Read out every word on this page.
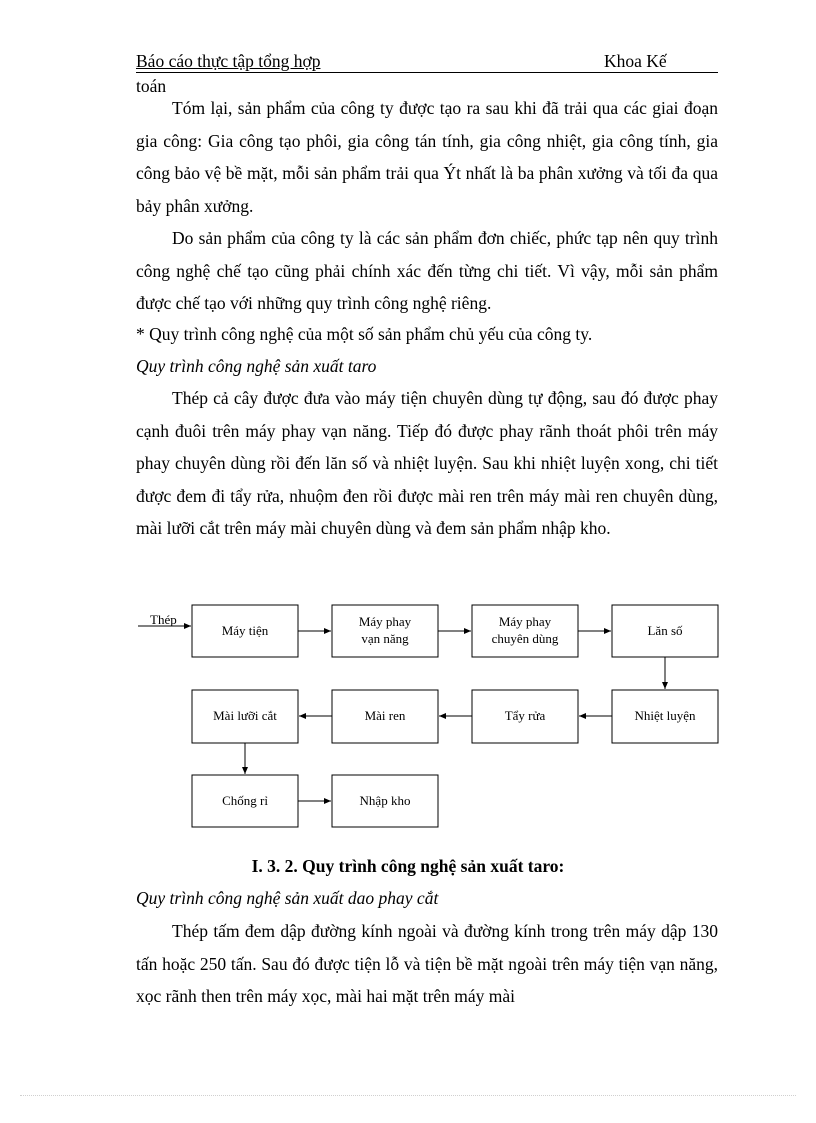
Báo cáo thực tập tổng hợp	Khoa Kế
toán

Tóm lại, sản phẩm của công ty được tạo ra sau khi đã trải qua các giai đoạn gia công: Gia công tạo phôi, gia công tán tính, gia công nhiệt, gia công tính, gia công bảo vệ bề mặt, mỗi sản phẩm trải qua Ýt nhất là ba phân xưởng và tối đa qua bảy phân xưởng.

Do sản phẩm của công ty là các sản phẩm đơn chiếc, phức tạp nên quy trình công nghệ chế tạo cũng phải chính xác đến từng chi tiết. Vì vậy, mỗi sản phẩm được chế tạo với những quy trình công nghệ riêng.

* Quy trình công nghệ của một số sản phẩm chủ yếu của công ty.
Quy trình công nghệ sản xuất taro

Thép cả cây được đưa vào máy tiện chuyên dùng tự động, sau đó được phay cạnh đuôi trên máy phay vạn năng. Tiếp đó được phay rãnh thoát phôi trên máy phay chuyên dùng rồi đến lăn số và nhiệt luyện. Sau khi nhiệt luyện xong, chi tiết được đem đi tẩy rửa, nhuộm đen rồi được mài ren trên máy mài ren chuyên dùng, mài lưỡi cắt trên máy mài chuyên dùng và đem sản phẩm nhập kho.

Thép
Máy tiện
Máy phay
vạn năng
Máy phay
chuyên dùng
Lăn số
Nhiệt luyện
Tẩy rửa
Mài ren
Mài lưỡi cắt
Chống rỉ	Nhập kho
I. 3. 2. Quy trình công nghệ sản xuất taro:
Quy trình công nghệ sản xuất dao phay cắt

Thép tấm đem dập đường kính ngoài và đường kính trong trên máy dập 130 tấn hoặc 250 tấn. Sau đó được tiện lỗ và tiện bề mặt ngoài trên máy tiện vạn năng, xọc rãnh then trên máy xọc, mài hai mặt trên máy mài
